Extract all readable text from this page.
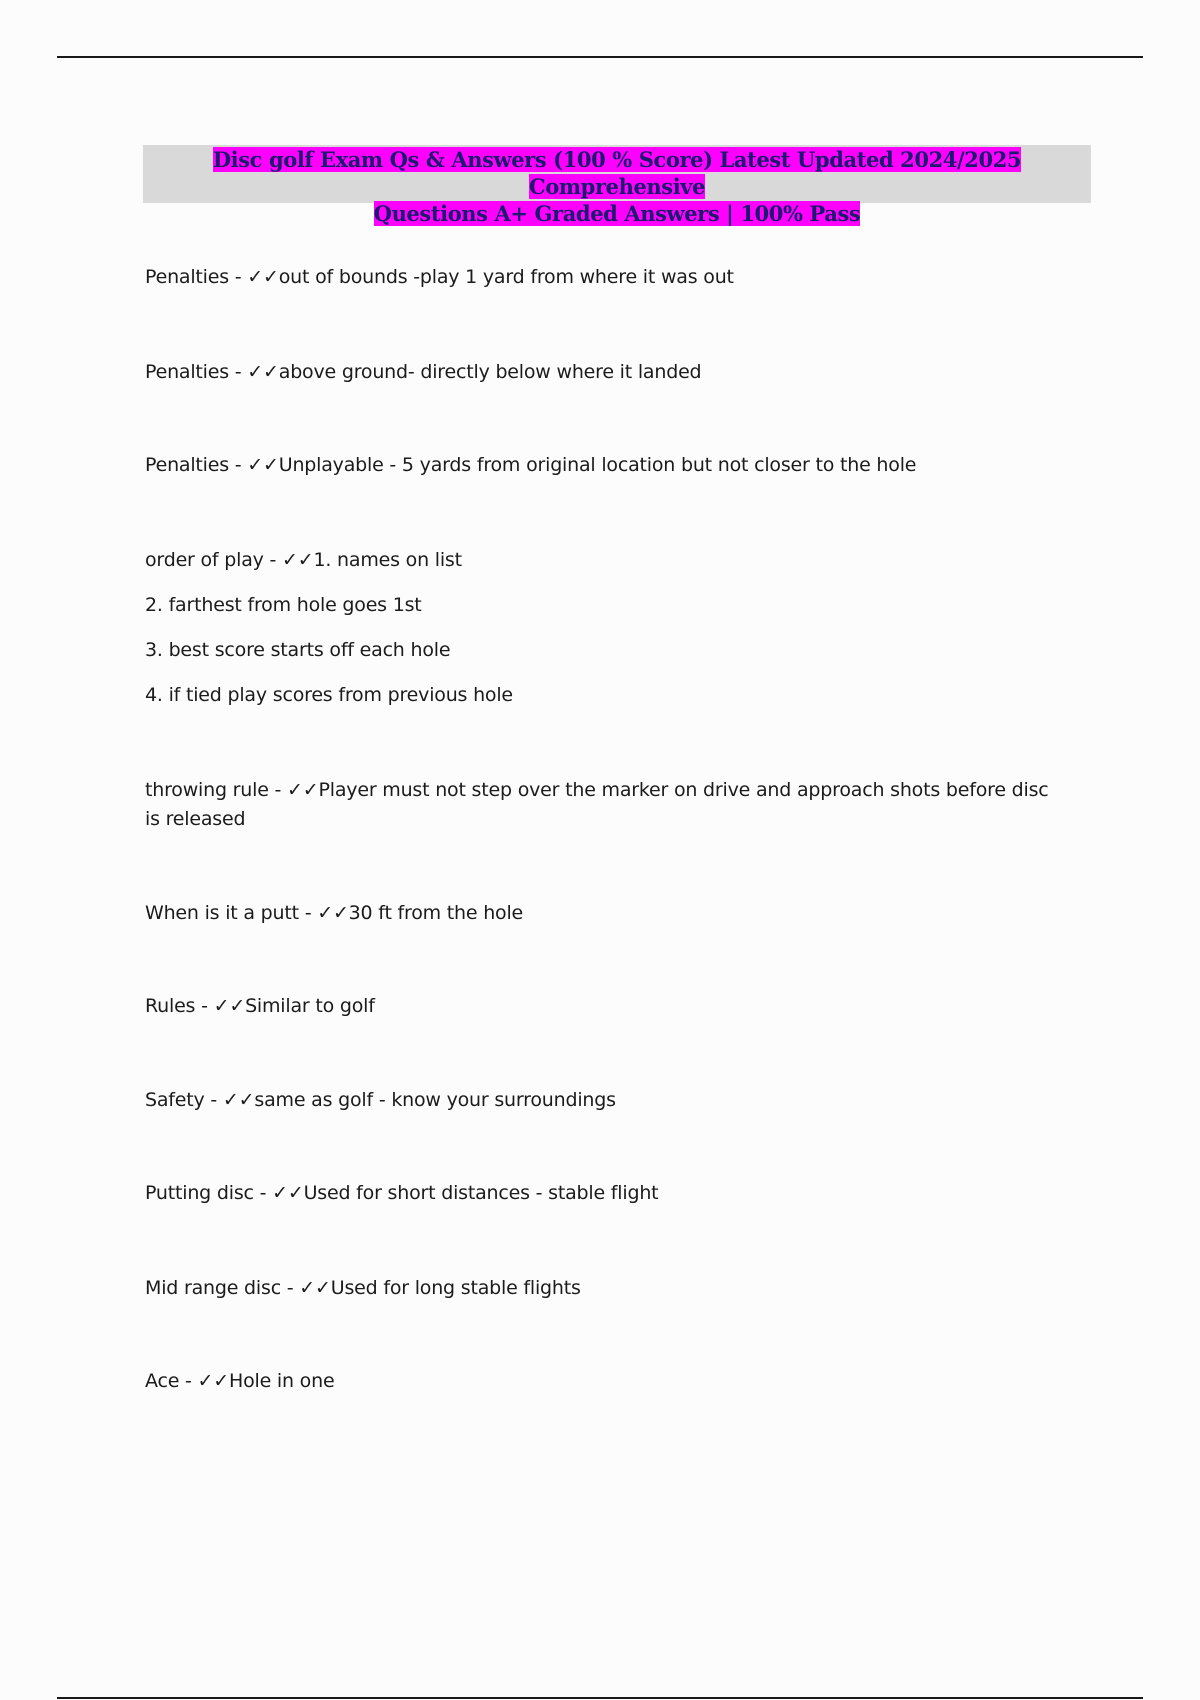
Disc golf Exam Qs & Answers (100 % Score) Latest Updated 2024/2025 Comprehensive
Questions A+ Graded Answers | 100% Pass
Penalties - ✓✓out of bounds -play 1 yard from where it was out
Penalties - ✓✓above ground- directly below where it landed
Penalties - ✓✓Unplayable - 5 yards from original location but not closer to the hole
order of play - ✓✓1. names on list
2. farthest from hole goes 1st
3. best score starts off each hole
4. if tied play scores from previous hole
throwing rule - ✓✓Player must not step over the marker on drive and approach shots before disc is released
When is it a putt - ✓✓30 ft from the hole
Rules - ✓✓Similar to golf
Safety - ✓✓same as golf - know your surroundings
Putting disc - ✓✓Used for short distances - stable flight
Mid range disc - ✓✓Used for long stable flights
Ace - ✓✓Hole in one
